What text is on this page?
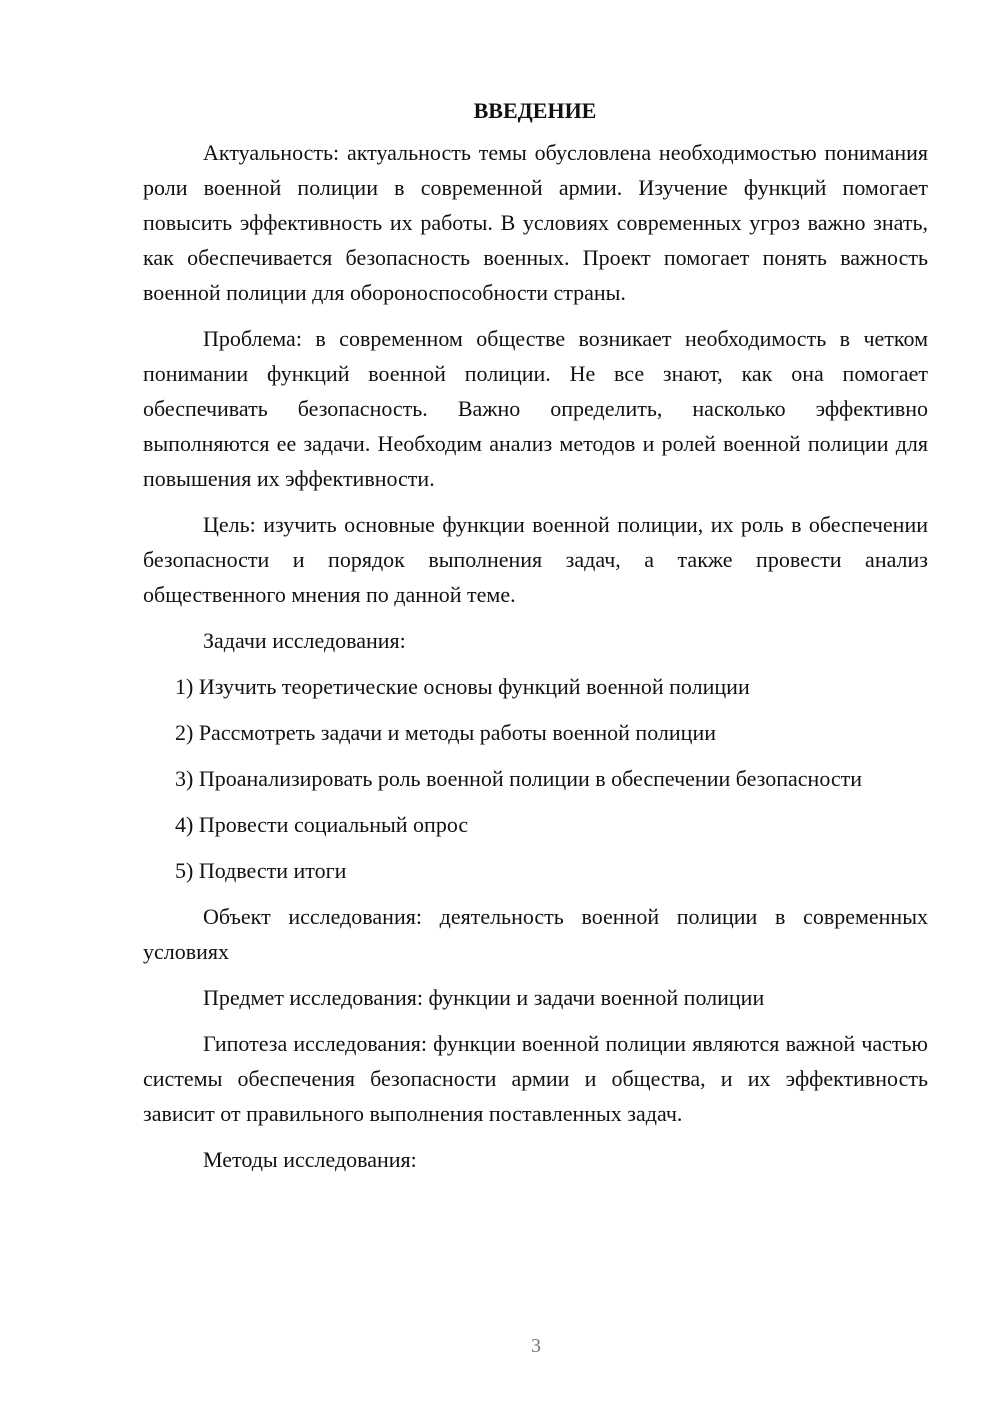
ВВЕДЕНИЕ

Актуальность: актуальность темы обусловлена необходимостью понимания роли военной полиции в современной армии. Изучение функций помогает повысить эффективность их работы. В условиях современных угроз важно знать, как обеспечивается безопасность военных. Проект помогает понять важность военной полиции для обороноспособности страны.

Проблема: в современном обществе возникает необходимость в четком понимании функций военной полиции. Не все знают, как она помогает обеспечивать безопасность. Важно определить, насколько эффективно выполняются ее задачи. Необходим анализ методов и ролей военной полиции для повышения их эффективности.

Цель: изучить основные функции военной полиции, их роль в обеспечении безопасности и порядок выполнения задач, а также провести анализ общественного мнения по данной теме.

Задачи исследования:

1) Изучить теоретические основы функций военной полиции

2) Рассмотреть задачи и методы работы военной полиции

3) Проанализировать роль военной полиции в обеспечении безопасности

4) Провести социальный опрос

5) Подвести итоги

Объект исследования: деятельность военной полиции в современных условиях

Предмет исследования: функции и задачи военной полиции

Гипотеза исследования: функции военной полиции являются важной частью системы обеспечения безопасности армии и общества, и их эффективность зависит от правильного выполнения поставленных задач.

Методы исследования:

3
